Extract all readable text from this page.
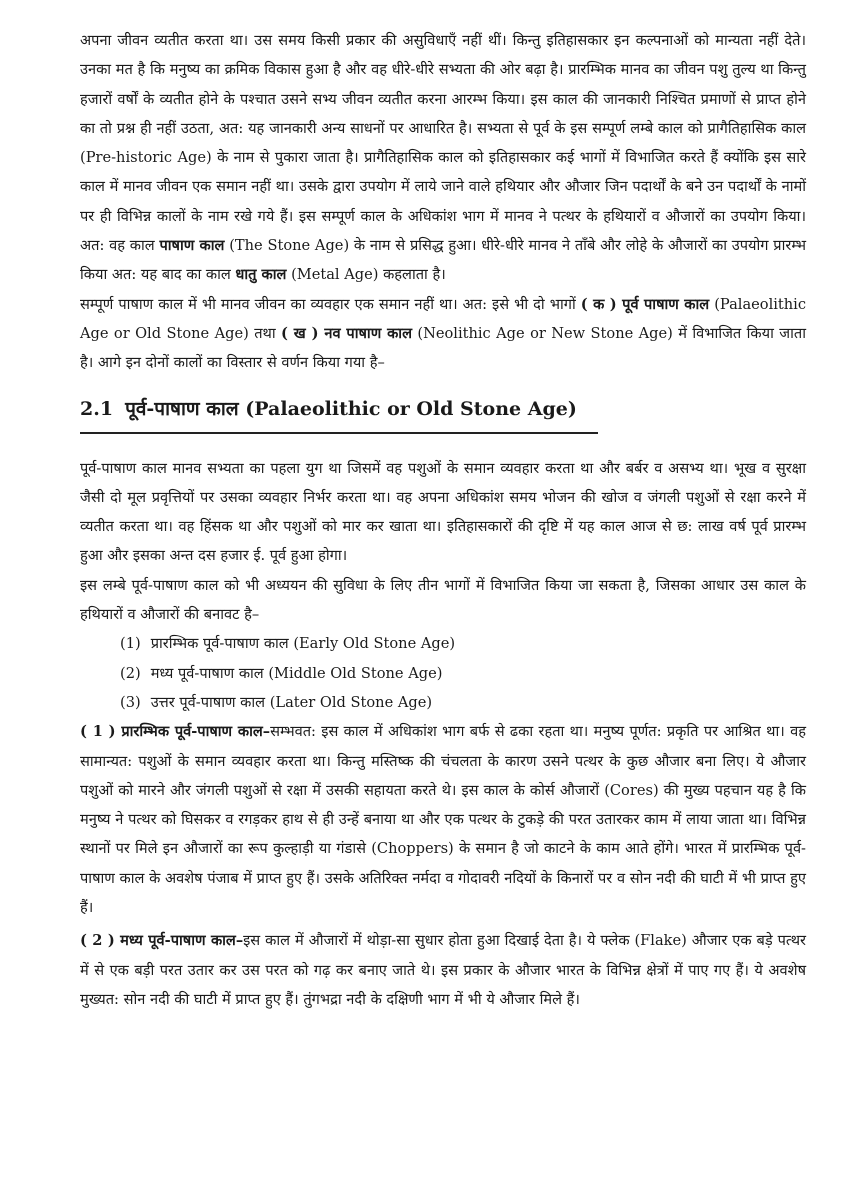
अपना जीवन व्यतीत करता था। उस समय किसी प्रकार की असुविधाएँ नहीं थीं। किन्तु इतिहासकार इन कल्पनाओं को मान्यता नहीं देते। उनका मत है कि मनुष्य का क्रमिक विकास हुआ है और वह धीरे-धीरे सभ्यता की ओर बढ़ा है। प्रारम्भिक मानव का जीवन पशु तुल्य था किन्तु हजारों वर्षों के व्यतीत होने के पश्चात उसने सभ्य जीवन व्यतीत करना आरम्भ किया। इस काल की जानकारी निश्चित प्रमाणों से प्राप्त होने का तो प्रश्न ही नहीं उठता, अत: यह जानकारी अन्य साधनों पर आधारित है। सभ्यता से पूर्व के इस सम्पूर्ण लम्बे काल को प्रागैतिहासिक काल (Pre-historic Age) के नाम से पुकारा जाता है। प्रागैतिहासिक काल को इतिहासकार कई भागों में विभाजित करते हैं क्योंकि इस सारे काल में मानव जीवन एक समान नहीं था। उसके द्वारा उपयोग में लाये जाने वाले हथियार और औजार जिन पदार्थों के बने उन पदार्थों के नामों पर ही विभिन्न कालों के नाम रखे गये हैं। इस सम्पूर्ण काल के अधिकांश भाग में मानव ने पत्थर के हथियारों व औजारों का उपयोग किया। अत: वह काल पाषाण काल (The Stone Age) के नाम से प्रसिद्ध हुआ। धीरे-धीरे मानव ने ताँबे और लोहे के औजारों का उपयोग प्रारम्भ किया अत: यह बाद का काल धातु काल (Metal Age) कहलाता है।

सम्पूर्ण पाषाण काल में भी मानव जीवन का व्यवहार एक समान नहीं था। अत: इसे भी दो भागों ( क ) पूर्व पाषाण काल (Palaeolithic Age or Old Stone Age) तथा ( ख ) नव पाषाण काल (Neolithic Age or New Stone Age) में विभाजित किया जाता है। आगे इन दोनों कालों का विस्तार से वर्णन किया गया है–

2.1 पूर्व-पाषाण काल (Palaeolithic or Old Stone Age)

पूर्व-पाषाण काल मानव सभ्यता का पहला युग था जिसमें वह पशुओं के समान व्यवहार करता था और बर्बर व असभ्य था। भूख व सुरक्षा जैसी दो मूल प्रवृत्तियों पर उसका व्यवहार निर्भर करता था। वह अपना अधिकांश समय भोजन की खोज व जंगली पशुओं से रक्षा करने में व्यतीत करता था। वह हिंसक था और पशुओं को मार कर खाता था। इतिहासकारों की दृष्टि में यह काल आज से छ: लाख वर्ष पूर्व प्रारम्भ हुआ और इसका अन्त दस हजार ई. पूर्व हुआ होगा।

इस लम्बे पूर्व-पाषाण काल को भी अध्ययन की सुविधा के लिए तीन भागों में विभाजित किया जा सकता है, जिसका आधार उस काल के हथियारों व औजारों की बनावट है–

(1) प्रारम्भिक पूर्व-पाषाण काल (Early Old Stone Age)
(2) मध्य पूर्व-पाषाण काल (Middle Old Stone Age)
(3) उत्तर पूर्व-पाषाण काल (Later Old Stone Age)

( 1 ) प्रारम्भिक पूर्व-पाषाण काल–सम्भवत: इस काल में अधिकांश भाग बर्फ से ढका रहता था। मनुष्य पूर्णत: प्रकृति पर आश्रित था। वह सामान्यत: पशुओं के समान व्यवहार करता था। किन्तु मस्तिष्क की चंचलता के कारण उसने पत्थर के कुछ औजार बना लिए। ये औजार पशुओं को मारने और जंगली पशुओं से रक्षा में उसकी सहायता करते थे। इस काल के कोर्स औजारों (Cores) की मुख्य पहचान यह है कि मनुष्य ने पत्थर को घिसकर व रगड़कर हाथ से ही उन्हें बनाया था और एक पत्थर के टुकड़े की परत उतारकर काम में लाया जाता था। विभिन्न स्थानों पर मिले इन औजारों का रूप कुल्हाड़ी या गंडासे (Choppers) के समान है जो काटने के काम आते होंगे। भारत में प्रारम्भिक पूर्व-पाषाण काल के अवशेष पंजाब में प्राप्त हुए हैं। उसके अतिरिक्त नर्मदा व गोदावरी नदियों के किनारों पर व सोन नदी की घाटी में भी प्राप्त हुए हैं।

( 2 ) मध्य पूर्व-पाषाण काल–इस काल में औजारों में थोड़ा-सा सुधार होता हुआ दिखाई देता है। ये फ्लेक (Flake) औजार एक बड़े पत्थर में से एक बड़ी परत उतार कर उस परत को गढ़ कर बनाए जाते थे। इस प्रकार के औजार भारत के विभिन्न क्षेत्रों में पाए गए हैं। ये अवशेष मुख्यत: सोन नदी की घाटी में प्राप्त हुए हैं। तुंगभद्रा नदी के दक्षिणी भाग में भी ये औजार मिले हैं।
